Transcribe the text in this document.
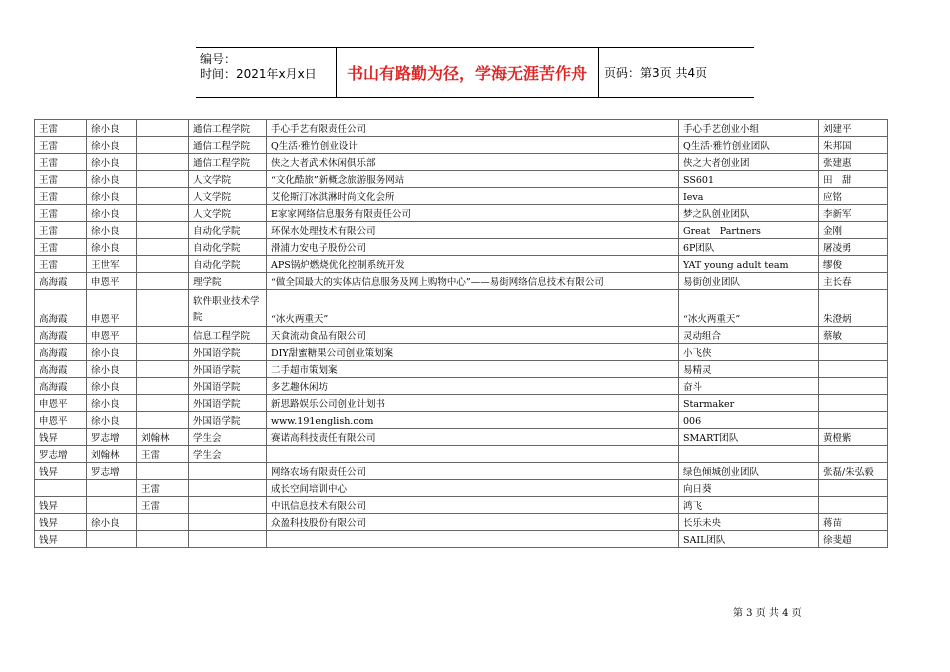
编号：
时间：2021年x月x日	书山有路勤为径，学海无涯苦作舟	页码：第3页 共4页
王雷	徐小良		通信工程学院	手心手艺有限责任公司	手心手艺创业小组	刘建平
王雷	徐小良		通信工程学院	Q生活·雅竹创业设计	Q生活·雅竹创业团队	朱邦国
王雷	徐小良		通信工程学院	侠之大者武术休闲俱乐部	侠之大者创业团	张建惠
王雷	徐小良		人文学院	“文化酷旅”新概念旅游服务网站	SS601	田　甜
王雷	徐小良		人文学院	艾伦斯汀冰淇淋时尚文化会所	Ieva	应铭
王雷	徐小良		人文学院	E家家网络信息服务有限责任公司	梦之队创业团队	李新军
王雷	徐小良		自动化学院	环保水处理技术有限公司	Great　Partners	金刚
王雷	徐小良		自动化学院	滑浦力安电子股份公司	6P团队	屠凌勇
王雷	王世军		自动化学院	APS锅炉燃烧优化控制系统开发	YAT young adult team	缪俊
高海霞	申恩平		理学院	“做全国最大的实体店信息服务及网上购物中心”——易街网络信息技术有限公司	易街创业团队	主长春
高海霞	申恩平		软件职业技术学院	“冰火两重天”	“冰火两重天”	朱澄炳
高海霞	申恩平		信息工程学院	天食流动食品有限公司	灵动组合	蔡敏
高海霞	徐小良		外国语学院	DIY甜蜜糖果公司创业策划案	小飞侠	
高海霞	徐小良		外国语学院	二手超市策划案	易精灵	
高海霞	徐小良		外国语学院	多艺趣休闲坊	奋斗	
申恩平	徐小良		外国语学院	新思路娱乐公司创业计划书	Starmaker	
申恩平	徐小良		外国语学院	www.191english.com	006	
钱昇	罗志增	刘翰林	学生会	赛诺高科技责任有限公司	SMART团队	黄橙紫
罗志增	刘翰林	王雷	学生会			
钱昇	罗志增			网络农场有限责任公司	绿色倾城创业团队	张磊/朱弘毅
		王雷		成长空间培训中心	向日葵	
钱昇		王雷		中讯信息技术有限公司	鸿飞	
钱昇	徐小良			众盈科技股份有限公司	长乐未央	蒋苗
钱昇					SAIL团队	徐斐超
第 3 页 共 4 页
